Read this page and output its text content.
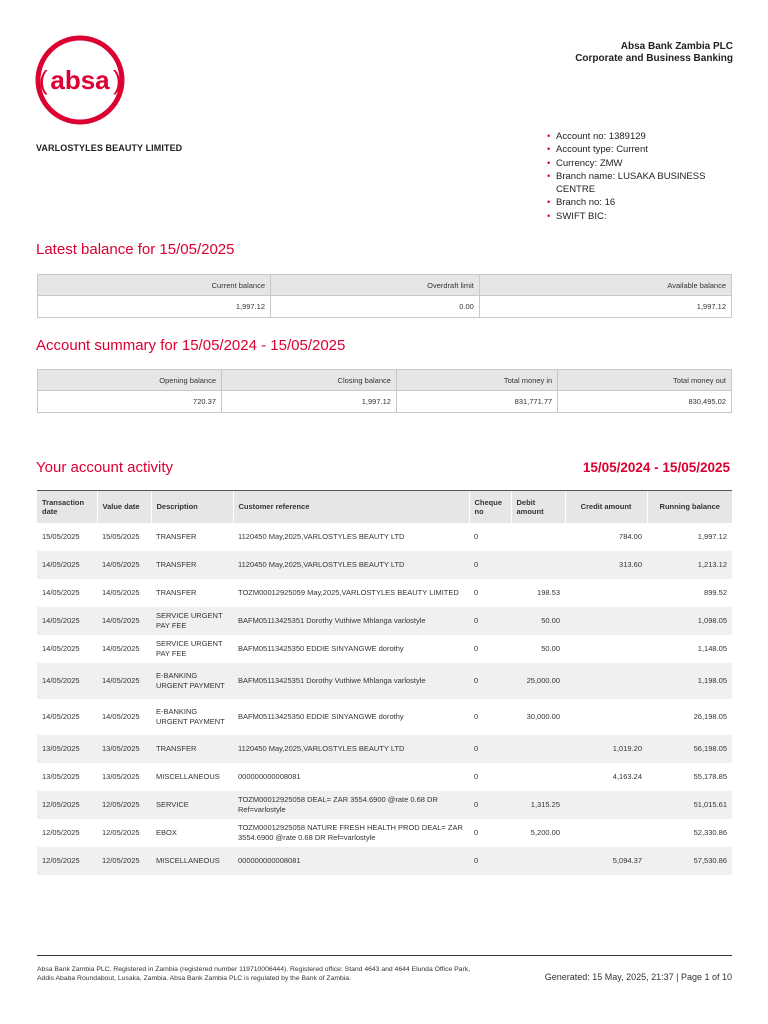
absa
(	)
Absa Bank Zambia PLC
Corporate and Business Banking
VARLOSTYLES BEAUTY LIMITED
• Account no: 1389129
• Account type: Current
• Currency: ZMW
• Branch name: LUSAKA BUSINESS CENTRE
• Branch no: 16
• SWIFT BIC:
Latest balance for 15/05/2025
Current balance	Overdraft limit	Available balance
1,997.12	0.00	1,997.12
Account summary for 15/05/2024 - 15/05/2025
Opening balance	Closing balance	Total money in	Total money out
720.37	1,997.12	831,771.77	830,495.02
Your account activity	15/05/2024 - 15/05/2025
Transaction date	Value date	Description	Customer reference	Cheque no	Debit amount	Credit amount	Running balance
15/05/2025	15/05/2025	TRANSFER	1120450 May,2025,VARLOSTYLES BEAUTY LTD	0		784.00	1,997.12
14/05/2025	14/05/2025	TRANSFER	1120450 May,2025,VARLOSTYLES BEAUTY LTD	0		313.60	1,213.12
14/05/2025	14/05/2025	TRANSFER	TOZM00012925059 May,2025,VARLOSTYLES BEAUTY LIMITED	0	198.53		899.52
14/05/2025	14/05/2025	SERVICE URGENT PAY FEE	BAFM05113425351 Dorothy Vuthiwe Mhlanga varlostyle	0	50.00		1,098.05
14/05/2025	14/05/2025	SERVICE URGENT PAY FEE	BAFM05113425350 EDDIE SINYANGWE dorothy	0	50.00		1,148.05
14/05/2025	14/05/2025	E-BANKING URGENT PAYMENT	BAFM05113425351 Dorothy Vuthiwe Mhlanga varlostyle	0	25,000.00		1,198.05
14/05/2025	14/05/2025	E-BANKING URGENT PAYMENT	BAFM05113425350 EDDIE SINYANGWE dorothy	0	30,000.00		26,198.05
13/05/2025	13/05/2025	TRANSFER	1120450 May,2025,VARLOSTYLES BEAUTY LTD	0		1,019.20	56,198.05
13/05/2025	13/05/2025	MISCELLANEOUS	000000000008081	0		4,163.24	55,178.85
12/05/2025	12/05/2025	SERVICE	TOZM00012925058 DEAL= ZAR 3554.6900 @rate 0.68 DR Ref=varlostyle	0	1,315.25		51,015.61
12/05/2025	12/05/2025	EBOX	TOZM00012925058 NATURE FRESH HEALTH PROD DEAL= ZAR 3554.6900 @rate 0.68 DR Ref=varlostyle	0	5,200.00		52,330.86
12/05/2025	12/05/2025	MISCELLANEOUS	000000000008081	0		5,094.37	57,530.86
Absa Bank Zambia PLC. Registered in Zambia (registered number 119710006444). Registered office: Stand 4643 and 4644 Elunda Office Park, Addis Ababa Roundabout, Lusaka, Zambia. Absa Bank Zambia PLC is regulated by the Bank of Zambia.	Generated: 15 May, 2025, 21:37 | Page 1 of 10
